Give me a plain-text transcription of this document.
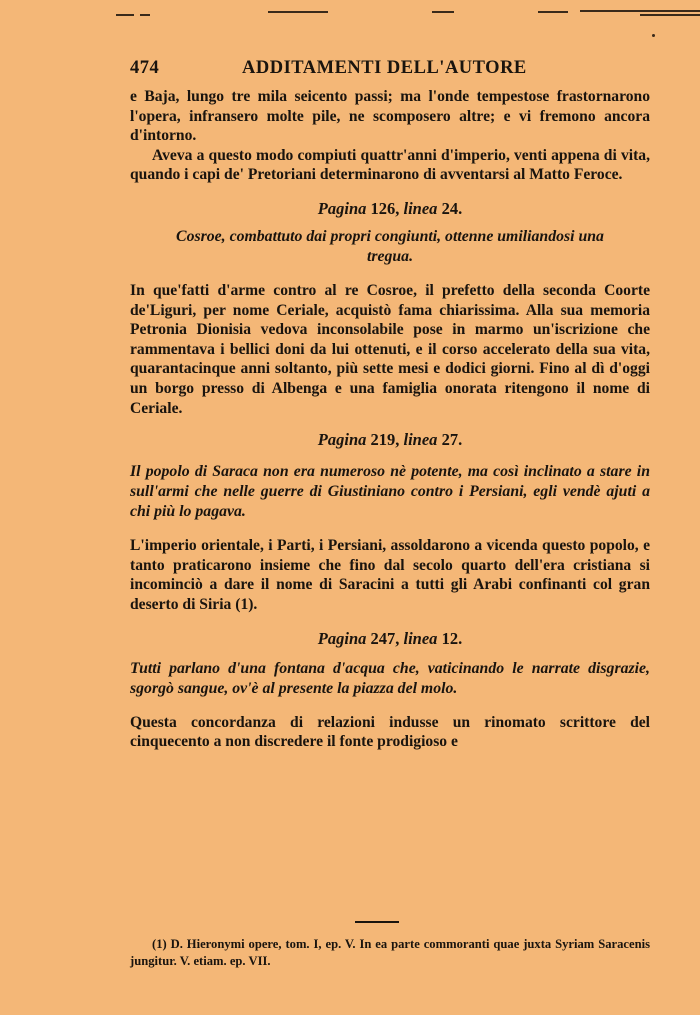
474	ADDITAMENTI DELL'AUTORE

e Baja, lungo tre mila seicento passi; ma l'onde tempestose frastornarono l'opera, infransero molte pile, ne scomposero altre; e vi fremono ancora d'intorno.

Aveva a questo modo compiuti quattr'anni d'imperio, venti appena di vita, quando i capi de' Pretoriani determinarono di avventarsi al Matto Feroce.

Pagina 126, linea 24.

Cosroe, combattuto dai propri congiunti, ottenne umiliandosi una tregua.

In que'fatti d'arme contro al re Cosroe, il prefetto della seconda Coorte de'Liguri, per nome Ceriale, acquistò fama chiarissima. Alla sua memoria Petronia Dionisia vedova inconsolabile pose in marmo un'iscrizione che rammentava i bellici doni da lui ottenuti, e il corso accelerato della sua vita, quarantacinque anni soltanto, più sette mesi e dodici giorni. Fino al dì d'oggi un borgo presso di Albenga e una famiglia onorata ritengono il nome di Ceriale.

Pagina 219, linea 27.

Il popolo di Saraca non era numeroso nè potente, ma così inclinato a stare in sull'armi che nelle guerre di Giustiniano contro i Persiani, egli vendè ajuti a chi più lo pagava.

L'imperio orientale, i Parti, i Persiani, assoldarono a vicenda questo popolo, e tanto praticarono insieme che fino dal secolo quarto dell'era cristiana si incominciò a dare il nome di Saracini a tutti gli Arabi confinanti col gran deserto di Siria (1).

Pagina 247, linea 12.

Tutti parlano d'una fontana d'acqua che, vaticinando le narrate disgrazie, sgorgò sangue, ov'è al presente la piazza del molo.

Questa concordanza di relazioni indusse un rinomato scrittore del cinquecento a non discredere il fonte prodigioso e

(1) D. Hieronymi opere, tom. I, ep. V. In ea parte commoranti quae juxta Syriam Saracenis jungitur. V. etiam. ep. VII.
